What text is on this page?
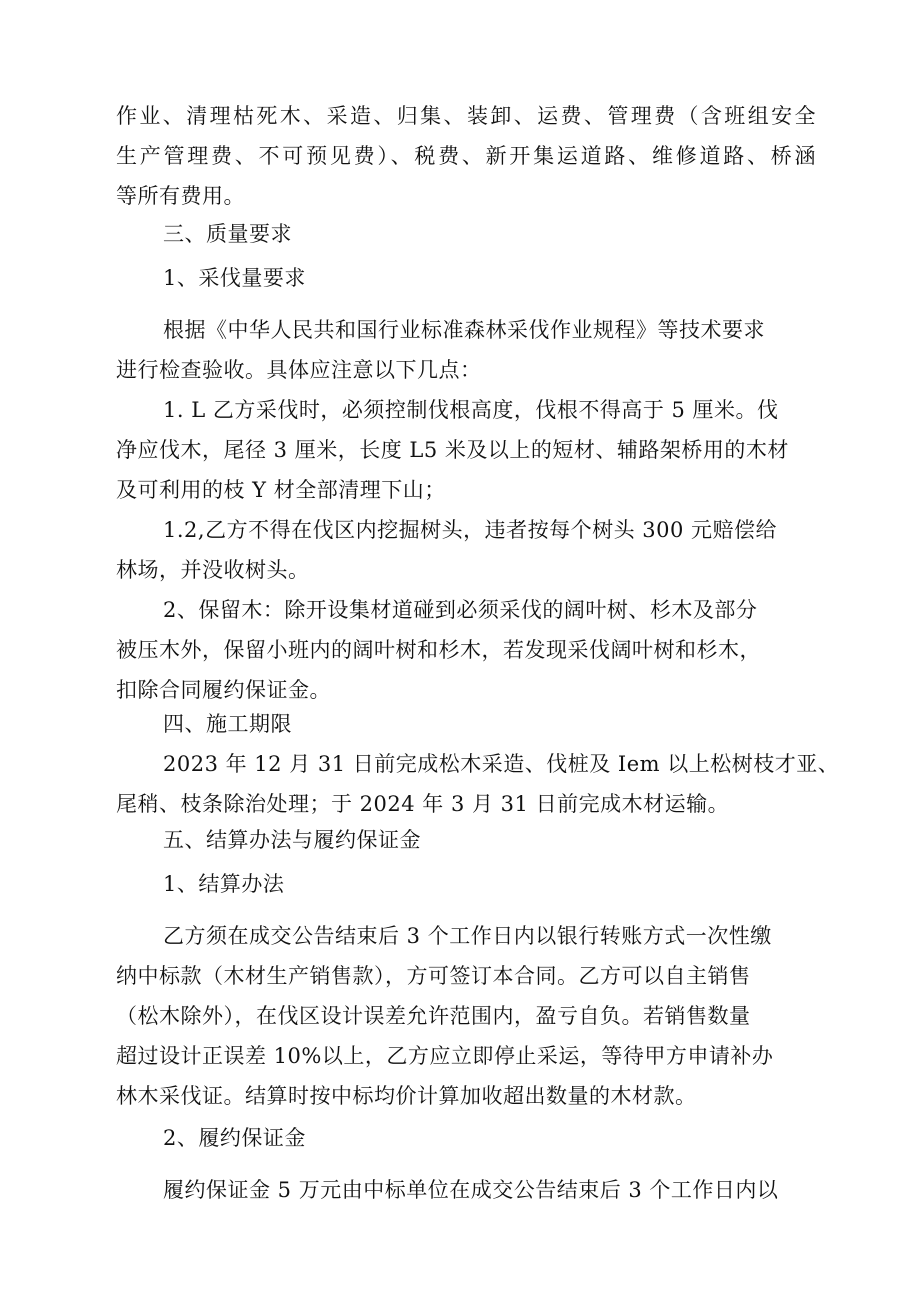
作业、清理枯死木、采造、归集、装卸、运费、管理费（含班组安全
生产管理费、不可预见费）、税费、新开集运道路、维修道路、桥涵
等所有费用。
三、质量要求
1、采伐量要求
根据《中华人民共和国行业标准森林采伐作业规程》等技术要求
进行检查验收。具体应注意以下几点：
1. L 乙方采伐时，必须控制伐根高度，伐根不得高于 5 厘米。伐
净应伐木，尾径 3 厘米，长度 L5 米及以上的短材、辅路架桥用的木材
及可利用的枝 Y 材全部清理下山；
1.2,乙方不得在伐区内挖掘树头，违者按每个树头 300 元赔偿给
林场，并没收树头。
2、保留木：除开设集材道碰到必须采伐的阔叶树、杉木及部分
被压木外，保留小班内的阔叶树和杉木，若发现采伐阔叶树和杉木，
扣除合同履约保证金。
四、施工期限
2023 年 12 月 31 日前完成松木采造、伐桩及 Iem 以上松树枝才亚、
尾稍、枝条除治处理；于 2024 年 3 月 31 日前完成木材运输。
五、结算办法与履约保证金
1、结算办法
乙方须在成交公告结束后 3 个工作日内以银行转账方式一次性缴
纳中标款（木材生产销售款），方可签订本合同。乙方可以自主销售
（松木除外），在伐区设计误差允许范围内，盈亏自负。若销售数量
超过设计正误差 10%以上，乙方应立即停止采运，等待甲方申请补办
林木采伐证。结算时按中标均价计算加收超出数量的木材款。
2、履约保证金
履约保证金 5 万元由中标单位在成交公告结束后 3 个工作日内以
